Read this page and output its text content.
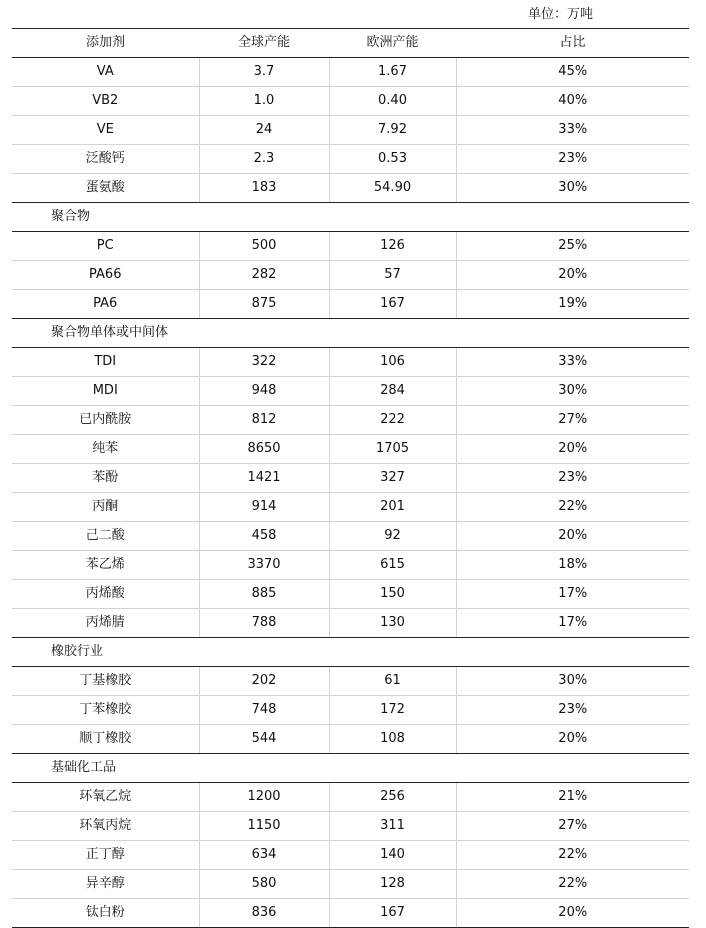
单位：万吨
添加剂	全球产能	欧洲产能	占比
VA	3.7	1.67	45%
VB2	1.0	0.40	40%
VE	24	7.92	33%
泛酸钙	2.3	0.53	23%
蛋氨酸	183	54.90	30%
聚合物			
PC	500	126	25%
PA66	282	57	20%
PA6	875	167	19%
聚合物单体或中间体			
TDI	322	106	33%
MDI	948	284	30%
已内酰胺	812	222	27%
纯苯	8650	1705	20%
苯酚	1421	327	23%
丙酮	914	201	22%
己二酸	458	92	20%
苯乙烯	3370	615	18%
丙烯酸	885	150	17%
丙烯腈	788	130	17%
橡胶行业			
丁基橡胶	202	61	30%
丁苯橡胶	748	172	23%
顺丁橡胶	544	108	20%
基础化工品			
环氧乙烷	1200	256	21%
环氧丙烷	1150	311	27%
正丁醇	634	140	22%
异辛醇	580	128	22%
钛白粉	836	167	20%
